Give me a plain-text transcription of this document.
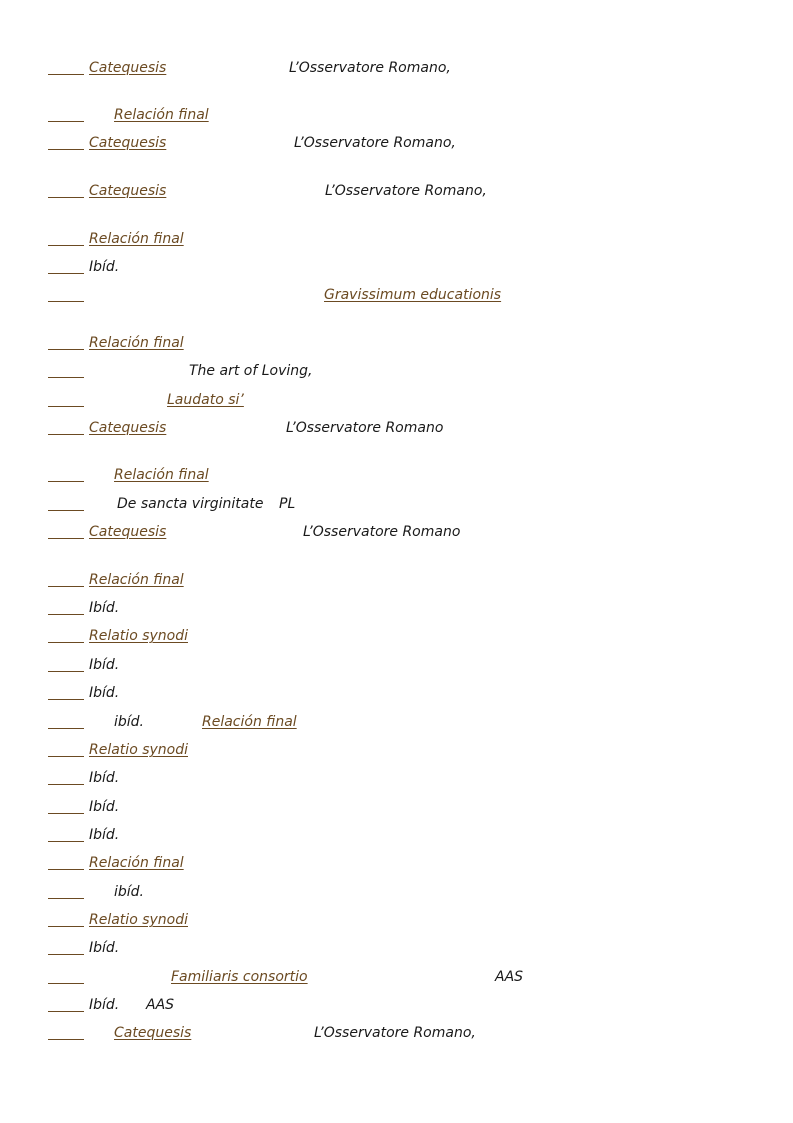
Catequesis	L’Osservatore Romano,
Relación final
Catequesis	L’Osservatore Romano,
Catequesis	L’Osservatore Romano,
Relación final
Ibíd.
Gravissimum educationis
Relación final
The art of Loving,
Laudato si’
Catequesis	L’Osservatore Romano
Relación final
De sancta virginitate PL
Catequesis	L’Osservatore Romano
Relación final
Ibíd.
Relatio synodi
Ibíd.
Ibíd.
ibíd.	Relación final
Relatio synodi
Ibíd.
Ibíd.
Ibíd.
Relación final
ibíd.
Relatio synodi
Ibíd.
Familiaris consortio	AAS
Ibíd. AAS
Catequesis	L’Osservatore Romano,
